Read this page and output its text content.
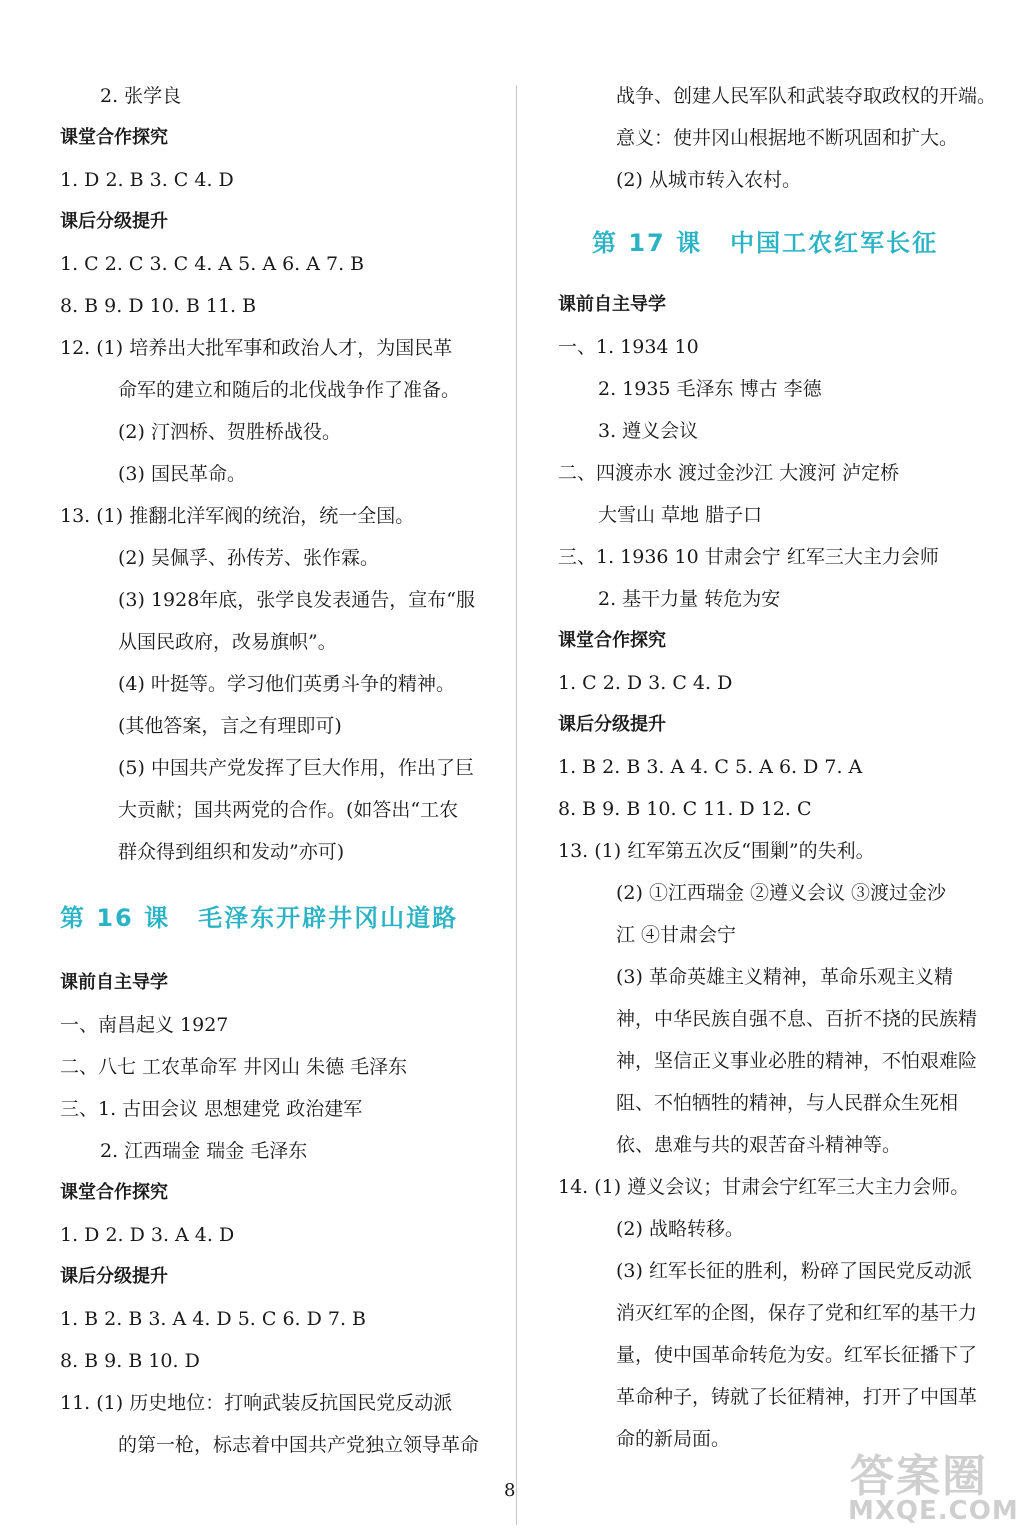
2. 张学良
课堂合作探究
1. D 2. B 3. C 4. D
课后分级提升
1. C 2. C 3. C 4. A 5. A 6. A 7. B
8. B 9. D 10. B 11. B
12. (1) 培养出大批军事和政治人才，为国民革
命军的建立和随后的北伐战争作了准备。
(2) 汀泗桥、贺胜桥战役。
(3) 国民革命。
13. (1) 推翻北洋军阀的统治，统一全国。
(2) 吴佩孚、孙传芳、张作霖。
(3) 1928年底，张学良发表通告，宣布“服
从国民政府，改易旗帜”。
(4) 叶挺等。学习他们英勇斗争的精神。
(其他答案，言之有理即可)
(5) 中国共产党发挥了巨大作用，作出了巨
大贡献；国共两党的合作。(如答出“工农
群众得到组织和发动”亦可)
课前自主导学
一、南昌起义 1927
二、八七 工农革命军 井冈山 朱德 毛泽东
三、1. 古田会议 思想建党 政治建军
2. 江西瑞金 瑞金 毛泽东
课堂合作探究
1. D 2. D 3. A 4. D
课后分级提升
1. B 2. B 3. A 4. D 5. C 6. D 7. B
8. B 9. B 10. D
11. (1) 历史地位：打响武装反抗国民党反动派
的第一枪，标志着中国共产党独立领导革命
战争、创建人民军队和武装夺取政权的开端。
意义：使井冈山根据地不断巩固和扩大。
(2) 从城市转入农村。
课前自主导学
一、1. 1934 10
2. 1935 毛泽东 博古 李德
3. 遵义会议
二、四渡赤水 渡过金沙江 大渡河 泸定桥
大雪山 草地 腊子口
三、1. 1936 10 甘肃会宁 红军三大主力会师
2. 基干力量 转危为安
课堂合作探究
1. C 2. D 3. C 4. D
课后分级提升
1. B 2. B 3. A 4. C 5. A 6. D 7. A
8. B 9. B 10. C 11. D 12. C
13. (1) 红军第五次反“围剿”的失利。
(2) ①江西瑞金 ②遵义会议 ③渡过金沙
江 ④甘肃会宁
(3) 革命英雄主义精神，革命乐观主义精
神，中华民族自强不息、百折不挠的民族精
神，坚信正义事业必胜的精神，不怕艰难险
阻、不怕牺牲的精神，与人民群众生死相
依、患难与共的艰苦奋斗精神等。
14. (1) 遵义会议；甘肃会宁红军三大主力会师。
(2) 战略转移。
(3) 红军长征的胜利，粉碎了国民党反动派
消灭红军的企图，保存了党和红军的基干力
量，使中国革命转危为安。红军长征播下了
革命种子，铸就了长征精神，打开了中国革
命的新局面。
第 16 课 毛泽东开辟井冈山道路
第 17 课 中国工农红军长征
8	答案圈
MXQE.COM
